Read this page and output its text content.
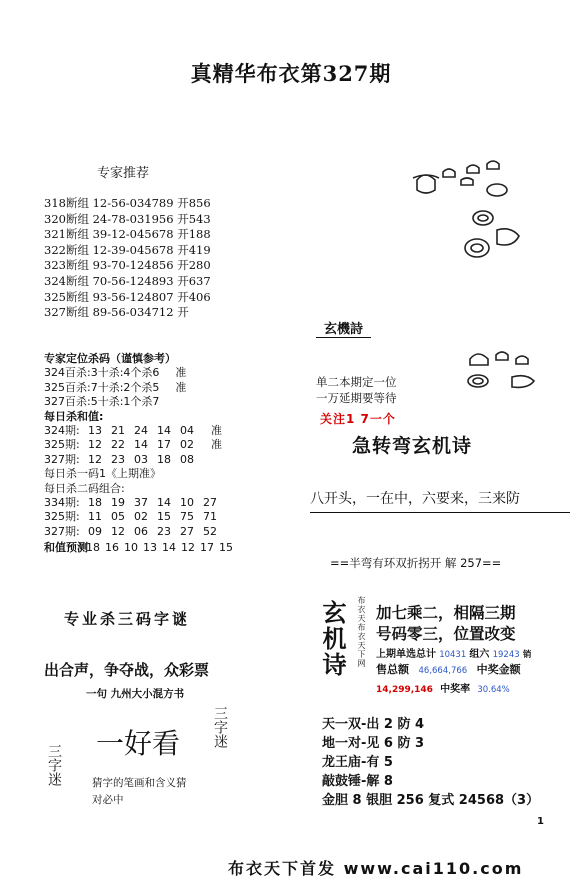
真精华布衣第327期
专家推荐
318断组 12-56-034789 开856
320断组 24-78-031956 开543
321断组 39-12-045678 开188
322断组 12-39-045678 开419
323断组 93-70-124856 开280
324断组 70-56-124893 开637
325断组 93-56-124807 开406
327断组 89-56-034712 开
专家定位杀码（谨慎参考）
324百杀:3十杀:4个杀6 准
325百杀:7十杀:2个杀5 准
327百杀:5十杀:1个杀7
每日杀和值:
324期: 13 21 24 14 04	准
325期: 12 22 14 17 02	准
327期: 12 23 03 18 08
每日杀一码1《上期准》
每日杀二码组合:
334期: 18 19 37 14 10 27
325期: 11 05 02 15 75 71
327期: 09 12 06 23 27 52
和值预测
18 16 10 13 14 12 17 15
专业杀三码字谜
出合声，争夺战，众彩票
一句 九州大小混方书
三字迷
三字迷
一好看
猜字的笔画和含义猜
对必中
玄機詩
单二本期定一位
一万延期要等待
关注1 7一个
急转弯玄机诗
八开头，一在中，六要来，三来防
==半弯有环双折拐开 解 257==
玄机诗 布衣天布衣天下网 加七乘二，相隔三期
号码零三，位置改变
上期单选总计 10431 组六 19243 销
售总额 46,664,766 中奖金额
14,299,146 中奖率 30.64%
天一双-出 2 防 4
地一对-见 6 防 3
龙王庙-有 5
敲鼓锤-解 8
金胆 8 银胆 256 复式 24568（3）
1
布衣天下首发 www.cai110.com
